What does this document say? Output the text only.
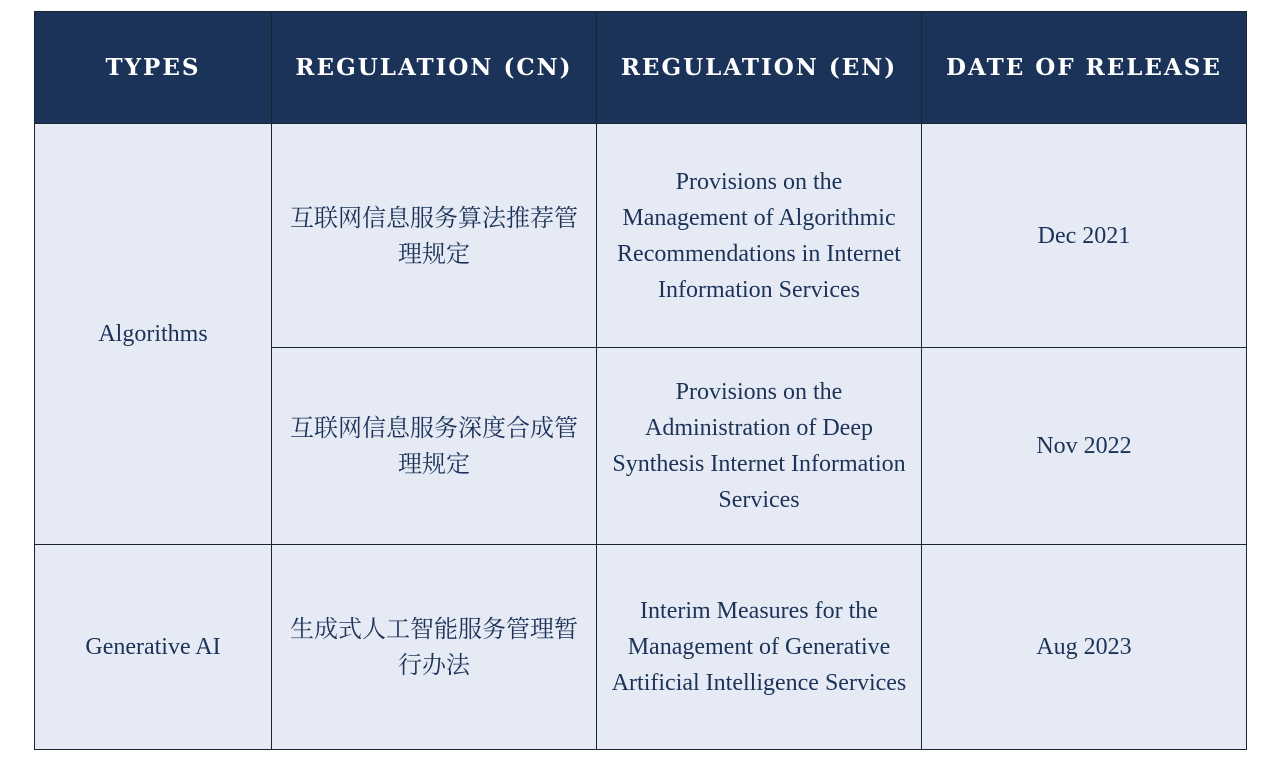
TYPES	REGULATION (CN)	REGULATION (EN)	DATE OF RELEASE
Algorithms	互联网信息服务算法推荐管理规定	Provisions on the Management of Algorithmic Recommendations in Internet Information Services	Dec 2021
	互联网信息服务深度合成管理规定	Provisions on the Administration of Deep Synthesis Internet Information Services	Nov 2022
Generative AI	生成式人工智能服务管理暂行办法	Interim Measures for the Management of Generative Artificial Intelligence Services	Aug 2023
